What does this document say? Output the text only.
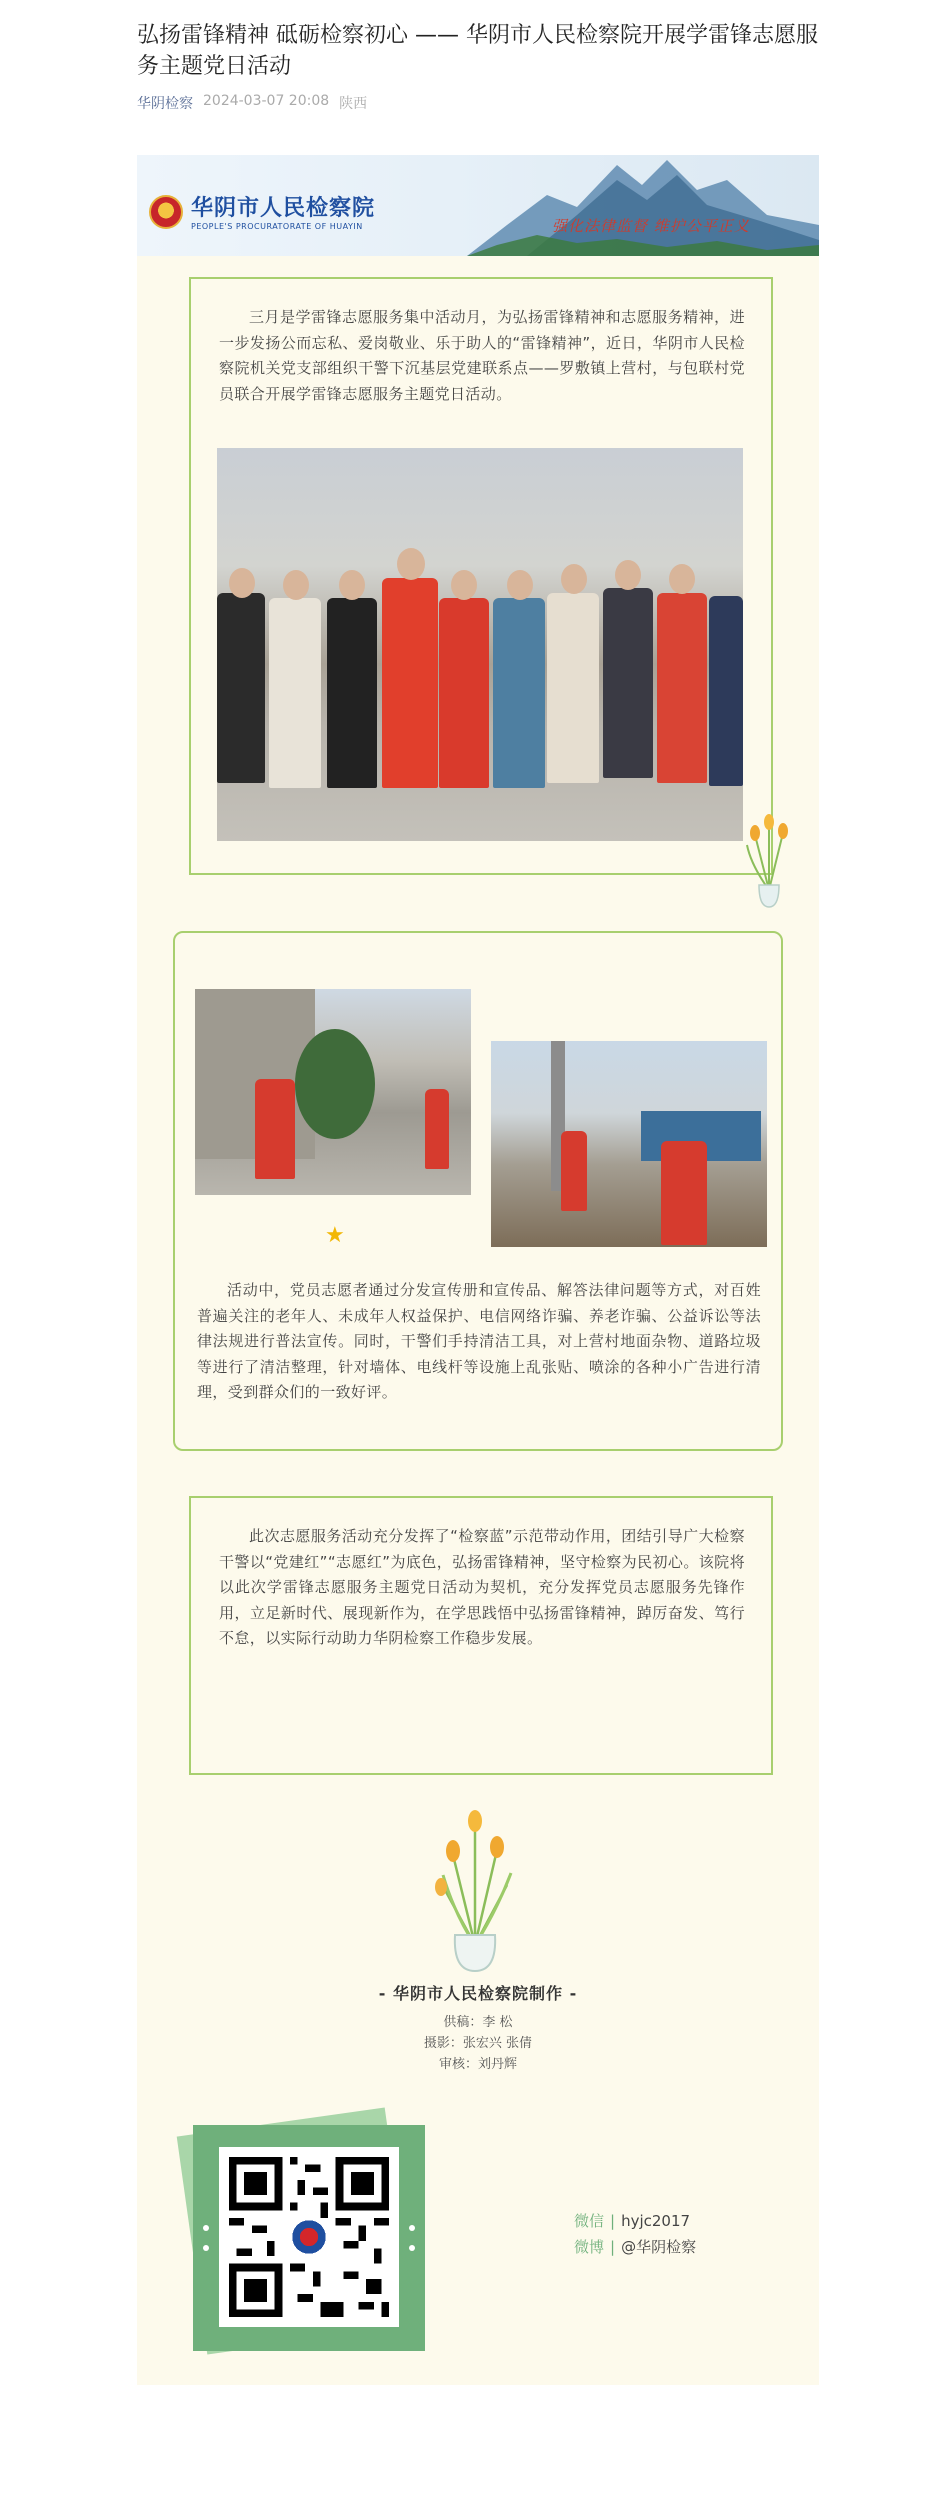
弘扬雷锋精神 砥砺检察初心 —— 华阴市人民检察院开展学雷锋志愿服务主题党日活动
华阴检察 2024-03-07 20:08 陕西
华阴市人民检察院
PEOPLE'S PROCURATORATE OF HUAYIN	强化法律监督 维护公平正义
三月是学雷锋志愿服务集中活动月，为弘扬雷锋精神和志愿服务精神，进一步发扬公而忘私、爱岗敬业、乐于助人的“雷锋精神”，近日，华阴市人民检察院机关党支部组织干警下沉基层党建联系点——罗敷镇上营村，与包联村党员联合开展学雷锋志愿服务主题党日活动。
★
活动中，党员志愿者通过分发宣传册和宣传品、解答法律问题等方式，对百姓普遍关注的老年人、未成年人权益保护、电信网络诈骗、养老诈骗、公益诉讼等法律法规进行普法宣传。同时，干警们手持清洁工具，对上营村地面杂物、道路垃圾等进行了清洁整理，针对墙体、电线杆等设施上乱张贴、喷涂的各种小广告进行清理，受到群众们的一致好评。
此次志愿服务活动充分发挥了“检察蓝”示范带动作用，团结引导广大检察干警以“党建红”“志愿红”为底色，弘扬雷锋精神，坚守检察为民初心。该院将以此次学雷锋志愿服务主题党日活动为契机，充分发挥党员志愿服务先锋作用，立足新时代、展现新作为，在学思践悟中弘扬雷锋精神，踔厉奋发、笃行不怠，以实际行动助力华阴检察工作稳步发展。
- 华阴市人民检察院制作 -
供稿：李 松
摄影：张宏兴 张倩
审核：刘丹辉
微信 | hyjc2017
微博 | @华阴检察
